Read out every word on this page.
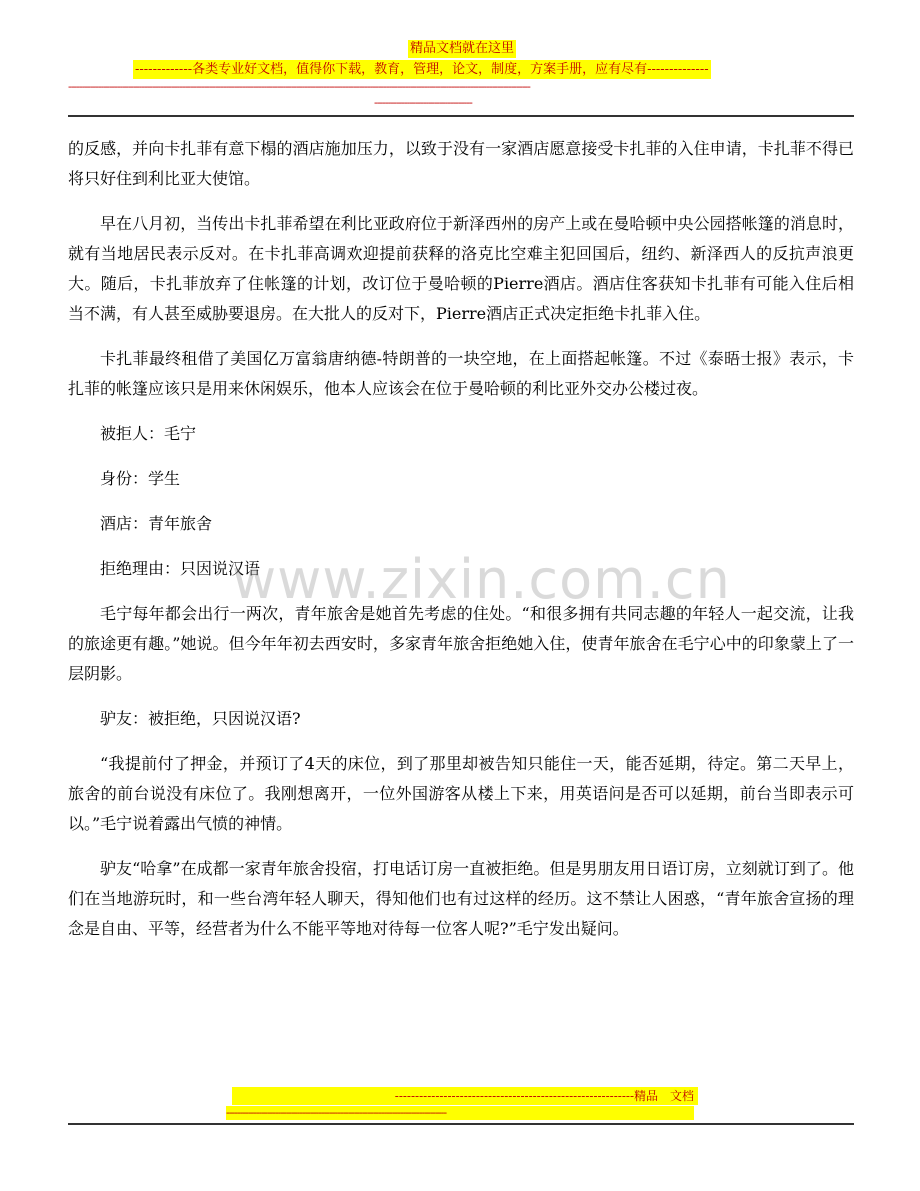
精品文档就在这里
-------------各类专业好文档，值得你下载，教育，管理，论文，制度，方案手册，应有尽有--------------
--------------------------------------------------------------------------------------------------------------------------------------------------------------------------
------------------------------------

的反感，并向卡扎菲有意下榻的酒店施加压力，以致于没有一家酒店愿意接受卡扎菲的入住申请，卡扎菲不得已将只好住到利比亚大使馆。

早在八月初，当传出卡扎菲希望在利比亚政府位于新泽西州的房产上或在曼哈顿中央公园搭帐篷的消息时，就有当地居民表示反对。在卡扎菲高调欢迎提前获释的洛克比空难主犯回国后，纽约、新泽西人的反抗声浪更大。随后，卡扎菲放弃了住帐篷的计划，改订位于曼哈顿的Pierre酒店。酒店住客获知卡扎菲有可能入住后相当不满，有人甚至威胁要退房。在大批人的反对下，Pierre酒店正式决定拒绝卡扎菲入住。

卡扎菲最终租借了美国亿万富翁唐纳德-特朗普的一块空地，在上面搭起帐篷。不过《泰晤士报》表示，卡扎菲的帐篷应该只是用来休闲娱乐，他本人应该会在位于曼哈顿的利比亚外交办公楼过夜。

被拒人：毛宁

身份：学生

酒店：青年旅舍

拒绝理由：只因说汉语

毛宁每年都会出行一两次，青年旅舍是她首先考虑的住处。“和很多拥有共同志趣的年轻人一起交流，让我的旅途更有趣。”她说。但今年年初去西安时，多家青年旅舍拒绝她入住，使青年旅舍在毛宁心中的印象蒙上了一层阴影。

驴友：被拒绝，只因说汉语?

“我提前付了押金，并预订了4天的床位，到了那里却被告知只能住一天，能否延期，待定。第二天早上，旅舍的前台说没有床位了。我刚想离开，一位外国游客从楼上下来，用英语问是否可以延期，前台当即表示可以。”毛宁说着露出气愤的神情。

驴友“哈拿”在成都一家青年旅舍投宿，打电话订房一直被拒绝。但是男朋友用日语订房，立刻就订到了。他们在当地游玩时，和一些台湾年轻人聊天，得知他们也有过这样的经历。这不禁让人困惑，“青年旅舍宣扬的理念是自由、平等，经营者为什么不能平等地对待每一位客人呢?”毛宁发出疑问。

www.zixin.com.cn
-----------------------------------------------------------精品　文档
---------------------------------------------------------------------------------
